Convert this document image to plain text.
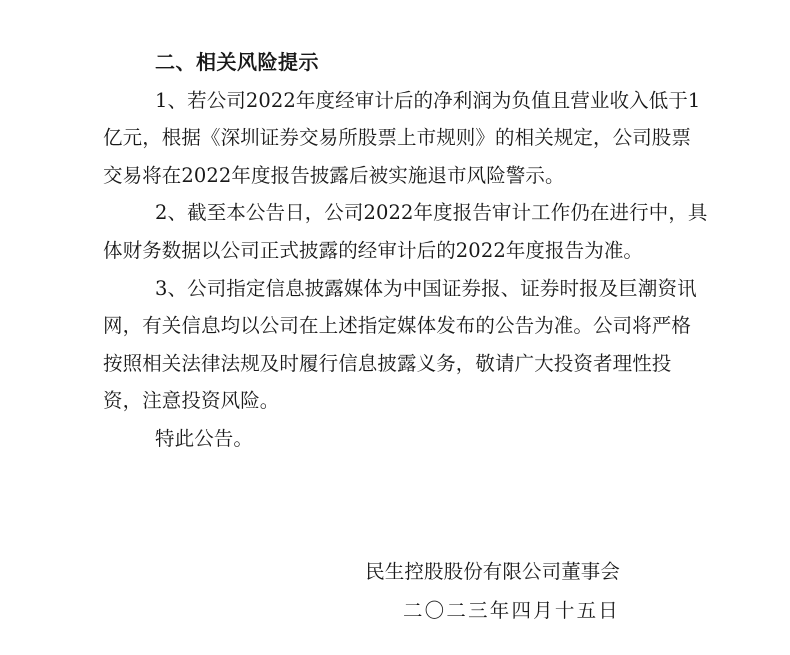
二、相关风险提示
1、若公司2022年度经审计后的净利润为负值且营业收入低于1
亿元，根据《深圳证券交易所股票上市规则》的相关规定，公司股票
交易将在2022年度报告披露后被实施退市风险警示。
2、截至本公告日，公司2022年度报告审计工作仍在进行中，具
体财务数据以公司正式披露的经审计后的2022年度报告为准。
3、公司指定信息披露媒体为中国证券报、证券时报及巨潮资讯
网，有关信息均以公司在上述指定媒体发布的公告为准。公司将严格
按照相关法律法规及时履行信息披露义务，敬请广大投资者理性投
资，注意投资风险。
特此公告。
民生控股股份有限公司董事会
二〇二三年四月十五日
